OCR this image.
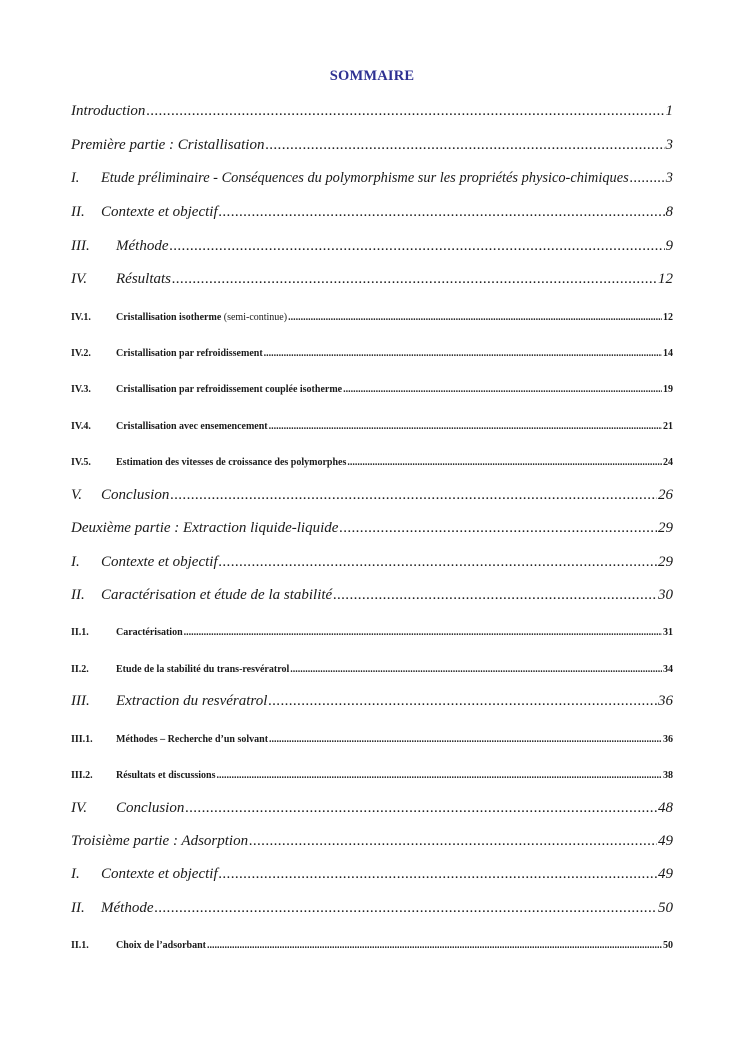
SOMMAIRE
Introduction .....	1
Première partie : Cristallisation .....	3
I.	Etude préliminaire - Conséquences du polymorphisme sur les propriétés physico-chimiques .....	3
II.	Contexte et objectif .....	8
III.	Méthode .....	9
IV.	Résultats .....	12
IV.1.	Cristallisation isotherme (semi-continue) .....	12
IV.2.	Cristallisation par refroidissement .....	14
IV.3.	Cristallisation par refroidissement couplée isotherme .....	19
IV.4.	Cristallisation avec ensemencement .....	21
IV.5.	Estimation des vitesses de croissance des polymorphes .....	24
V.	Conclusion .....	26
Deuxième partie : Extraction liquide-liquide .....	29
I.	Contexte et objectif .....	29
II.	Caractérisation et étude de la stabilité .....	30
II.1.	Caractérisation .....	31
II.2.	Etude de la stabilité du trans-resvératrol .....	34
III.	Extraction du resvératrol .....	36
III.1.	Méthodes – Recherche d’un solvant .....	36
III.2.	Résultats et discussions .....	38
IV.	Conclusion .....	48
Troisième partie : Adsorption .....	49
I.	Contexte et objectif .....	49
II.	Méthode .....	50
II.1.	Choix de l’adsorbant .....	50
